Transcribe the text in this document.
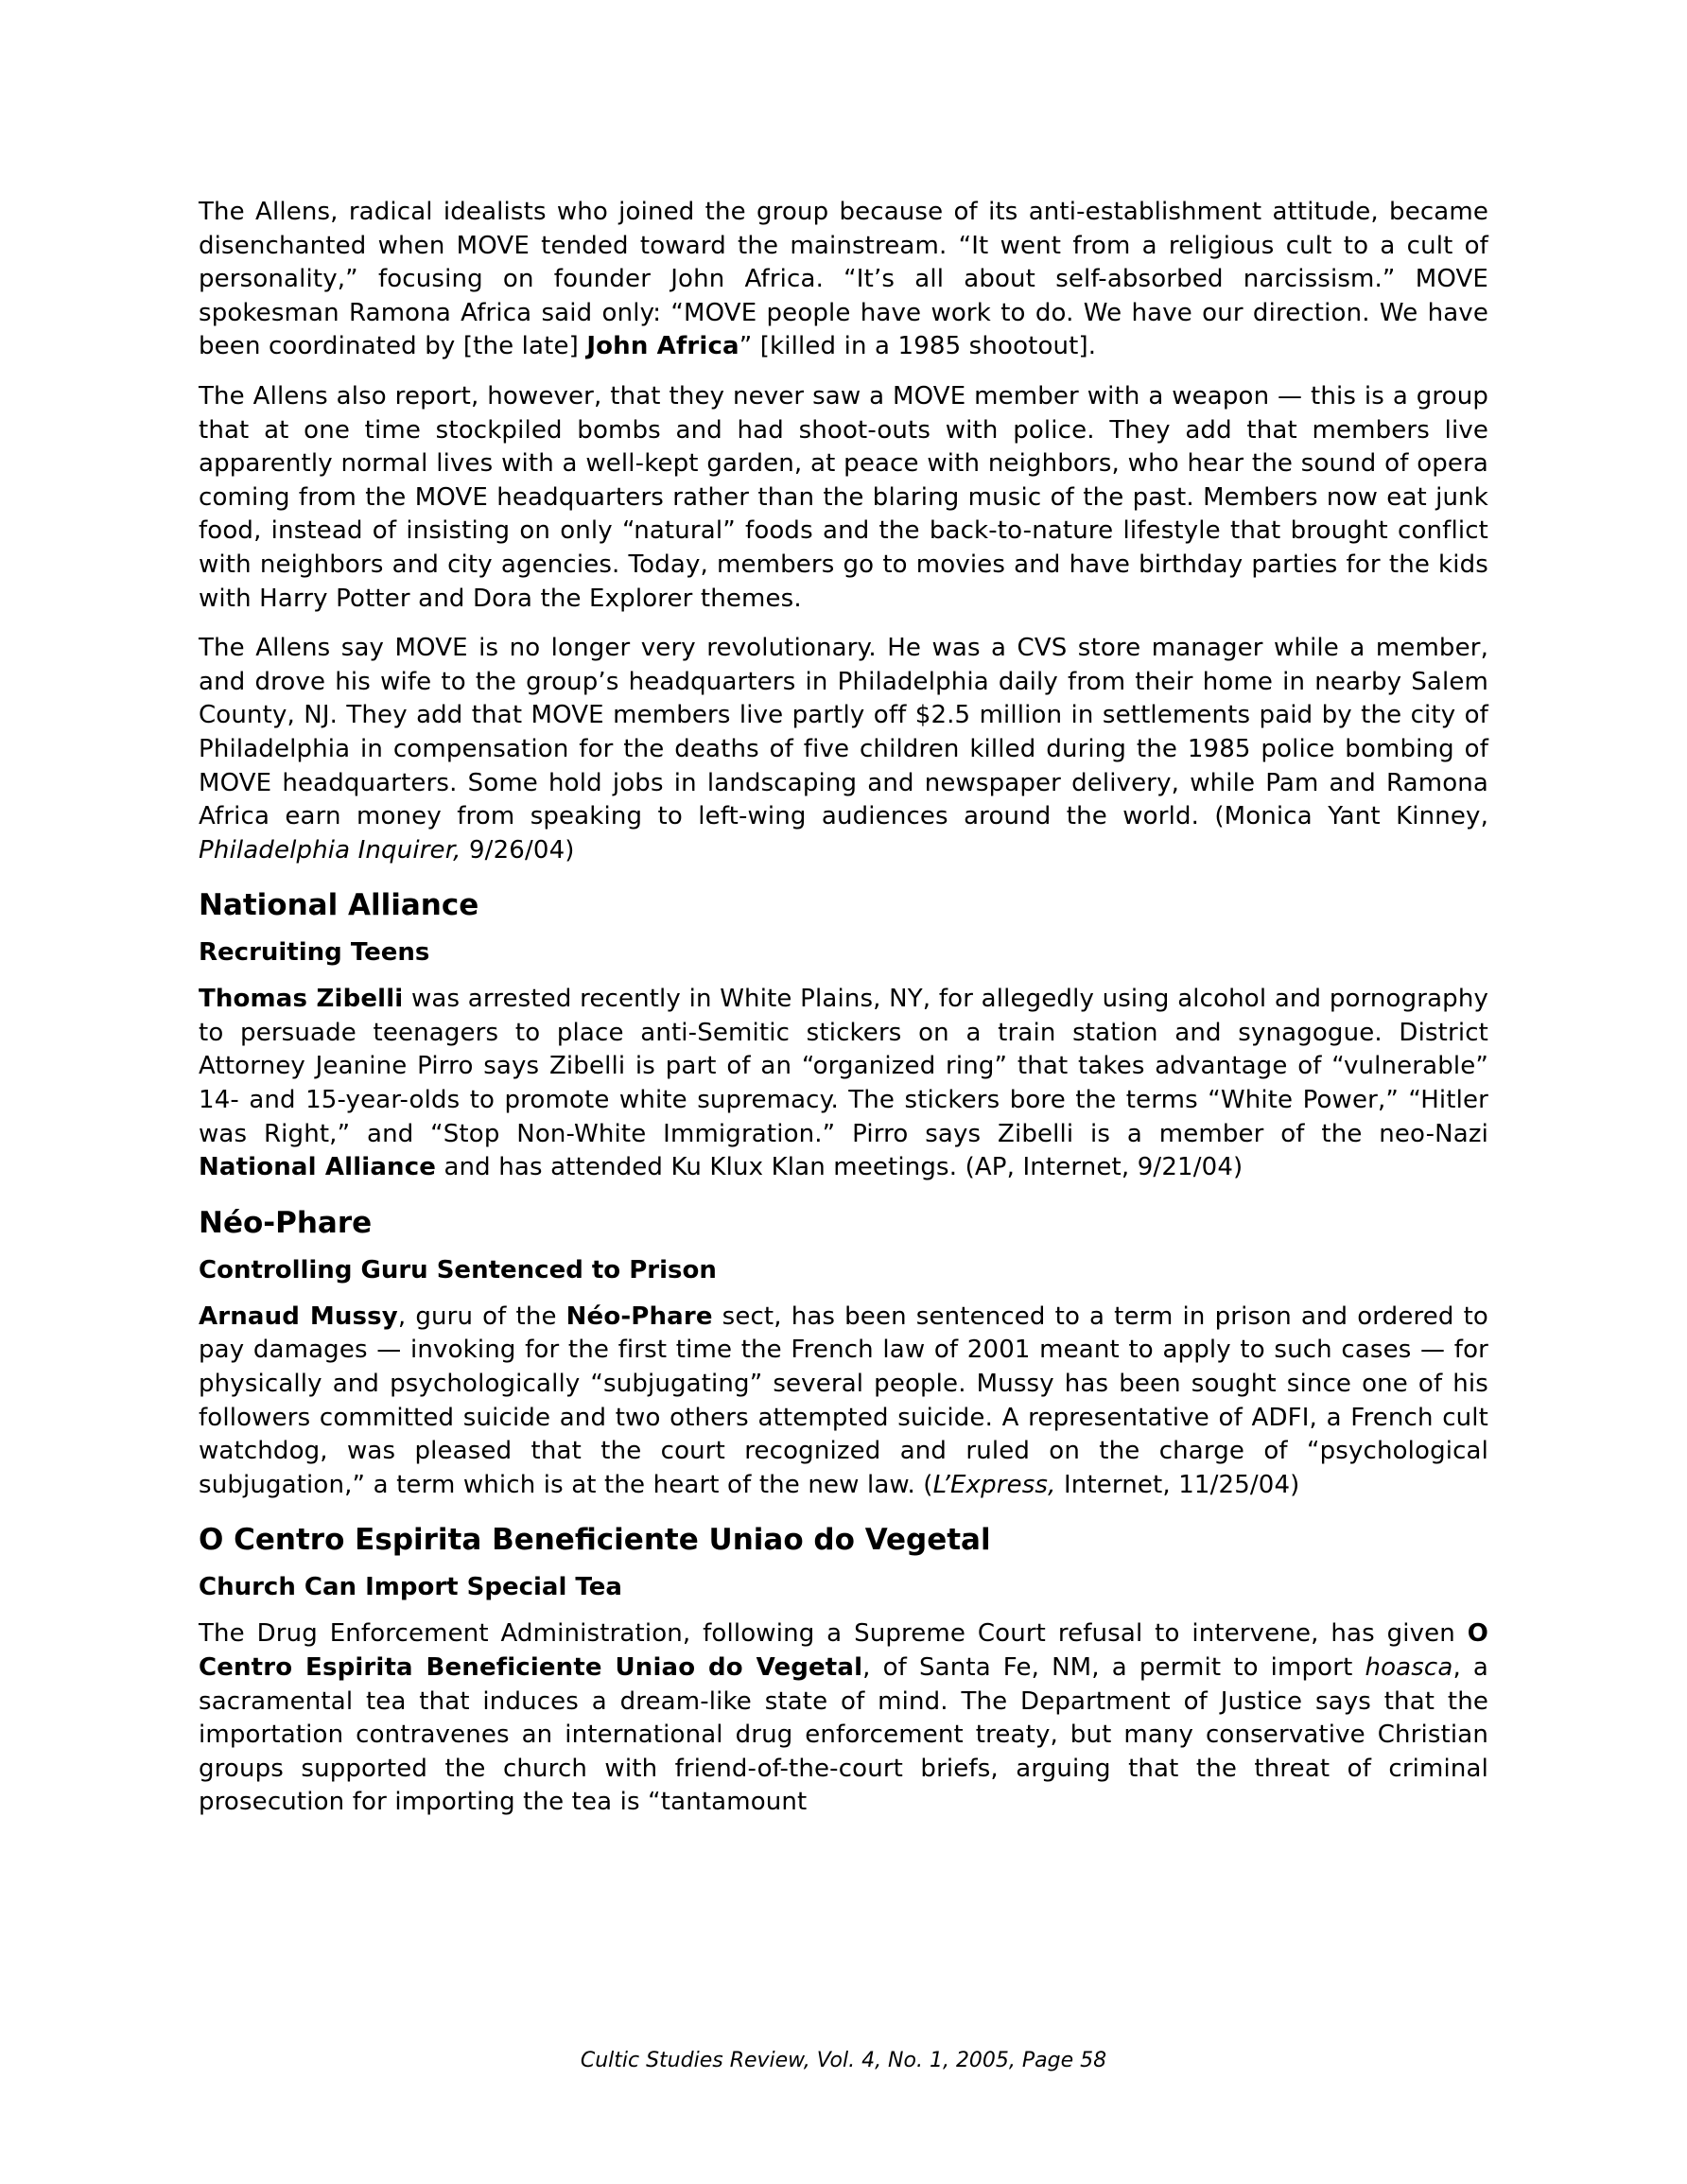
The Allens, radical idealists who joined the group because of its anti-establishment attitude, became disenchanted when MOVE tended toward the mainstream. “It went from a religious cult to a cult of personality,” focusing on founder John Africa. “It’s all about self-absorbed narcissism.” MOVE spokesman Ramona Africa said only: “MOVE people have work to do. We have our direction. We have been coordinated by [the late] John Africa” [killed in a 1985 shootout].

The Allens also report, however, that they never saw a MOVE member with a weapon — this is a group that at one time stockpiled bombs and had shoot-outs with police. They add that members live apparently normal lives with a well-kept garden, at peace with neighbors, who hear the sound of opera coming from the MOVE headquarters rather than the blaring music of the past. Members now eat junk food, instead of insisting on only “natural” foods and the back-to-nature lifestyle that brought conflict with neighbors and city agencies. Today, members go to movies and have birthday parties for the kids with Harry Potter and Dora the Explorer themes.

The Allens say MOVE is no longer very revolutionary. He was a CVS store manager while a member, and drove his wife to the group’s headquarters in Philadelphia daily from their home in nearby Salem County, NJ. They add that MOVE members live partly off $2.5 million in settlements paid by the city of Philadelphia in compensation for the deaths of five children killed during the 1985 police bombing of MOVE headquarters. Some hold jobs in landscaping and newspaper delivery, while Pam and Ramona Africa earn money from speaking to left-wing audiences around the world. (Monica Yant Kinney, Philadelphia Inquirer, 9/26/04)

National Alliance
Recruiting Teens

Thomas Zibelli was arrested recently in White Plains, NY, for allegedly using alcohol and pornography to persuade teenagers to place anti-Semitic stickers on a train station and synagogue. District Attorney Jeanine Pirro says Zibelli is part of an “organized ring” that takes advantage of “vulnerable” 14- and 15-year-olds to promote white supremacy. The stickers bore the terms “White Power,” “Hitler was Right,” and “Stop Non-White Immigration.” Pirro says Zibelli is a member of the neo-Nazi National Alliance and has attended Ku Klux Klan meetings. (AP, Internet, 9/21/04)

Néo-Phare
Controlling Guru Sentenced to Prison

Arnaud Mussy, guru of the Néo-Phare sect, has been sentenced to a term in prison and ordered to pay damages — invoking for the first time the French law of 2001 meant to apply to such cases — for physically and psychologically “subjugating” several people. Mussy has been sought since one of his followers committed suicide and two others attempted suicide. A representative of ADFI, a French cult watchdog, was pleased that the court recognized and ruled on the charge of “psychological subjugation,” a term which is at the heart of the new law. (L’Express, Internet, 11/25/04)

O Centro Espirita Beneficiente Uniao do Vegetal
Church Can Import Special Tea

The Drug Enforcement Administration, following a Supreme Court refusal to intervene, has given O Centro Espirita Beneficiente Uniao do Vegetal, of Santa Fe, NM, a permit to import hoasca, a sacramental tea that induces a dream-like state of mind. The Department of Justice says that the importation contravenes an international drug enforcement treaty, but many conservative Christian groups supported the church with friend-of-the-court briefs, arguing that the threat of criminal prosecution for importing the tea is “tantamount

Cultic Studies Review, Vol. 4, No. 1, 2005, Page 58
